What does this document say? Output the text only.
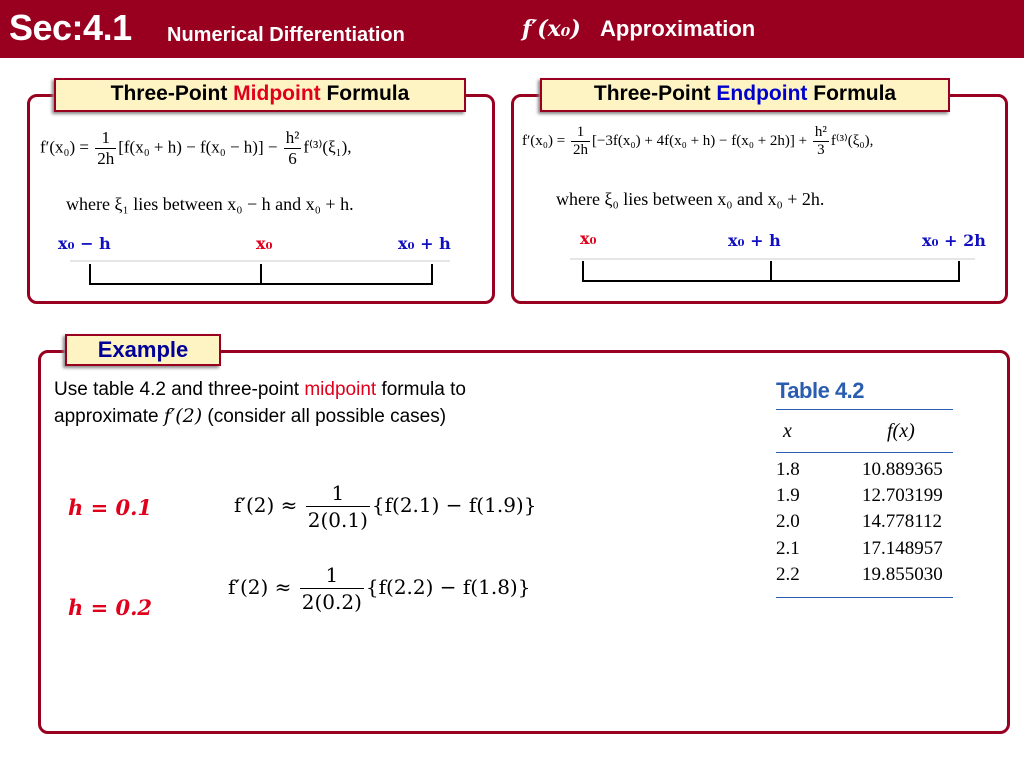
Sec:4.1 Numerical Differentiation	f′(x₀) Approximation
Three-Point Midpoint Formula
$f'(x_0) = \frac{1}{2h} [f(x_0 + h) - f(x_0 - h)] - \frac{\text{h²}}{6} f^{(3)}(\xi_1)$,
where ξ₁ lies between x₀ − h and x₀ + h.
x₀ − h	x₀	x₀ + h
Three-Point Endpoint Formula
$f'(x_0) = \frac{1}{2h} [-3f(x_0) + 4f(x_0 + h) - f(x_0 + 2h)] + \frac{\text{h²}}{3} f^{(3)}(\xi_0)$,
where ξ₀ lies between x₀ and x₀ + 2h.
x₀	x₀ + h	x₀ + 2h
Example
Use table 4.2 and three-point midpoint formula to
approximate f′(2) (consider all possible cases)
h = 0.1	$f'(2) \approx \frac{1}{2(0.1)} \{f(2.1) - f(1.9)\}$
h = 0.2
$f'(2) \approx \frac{1}{2(0.2)} \{f(2.2) - f(1.8)\}$
Table 4.2
x	f(x)
1.8	10.889365
1.9	12.703199
2.0	14.778112
2.1	17.148957
2.2	19.855030
